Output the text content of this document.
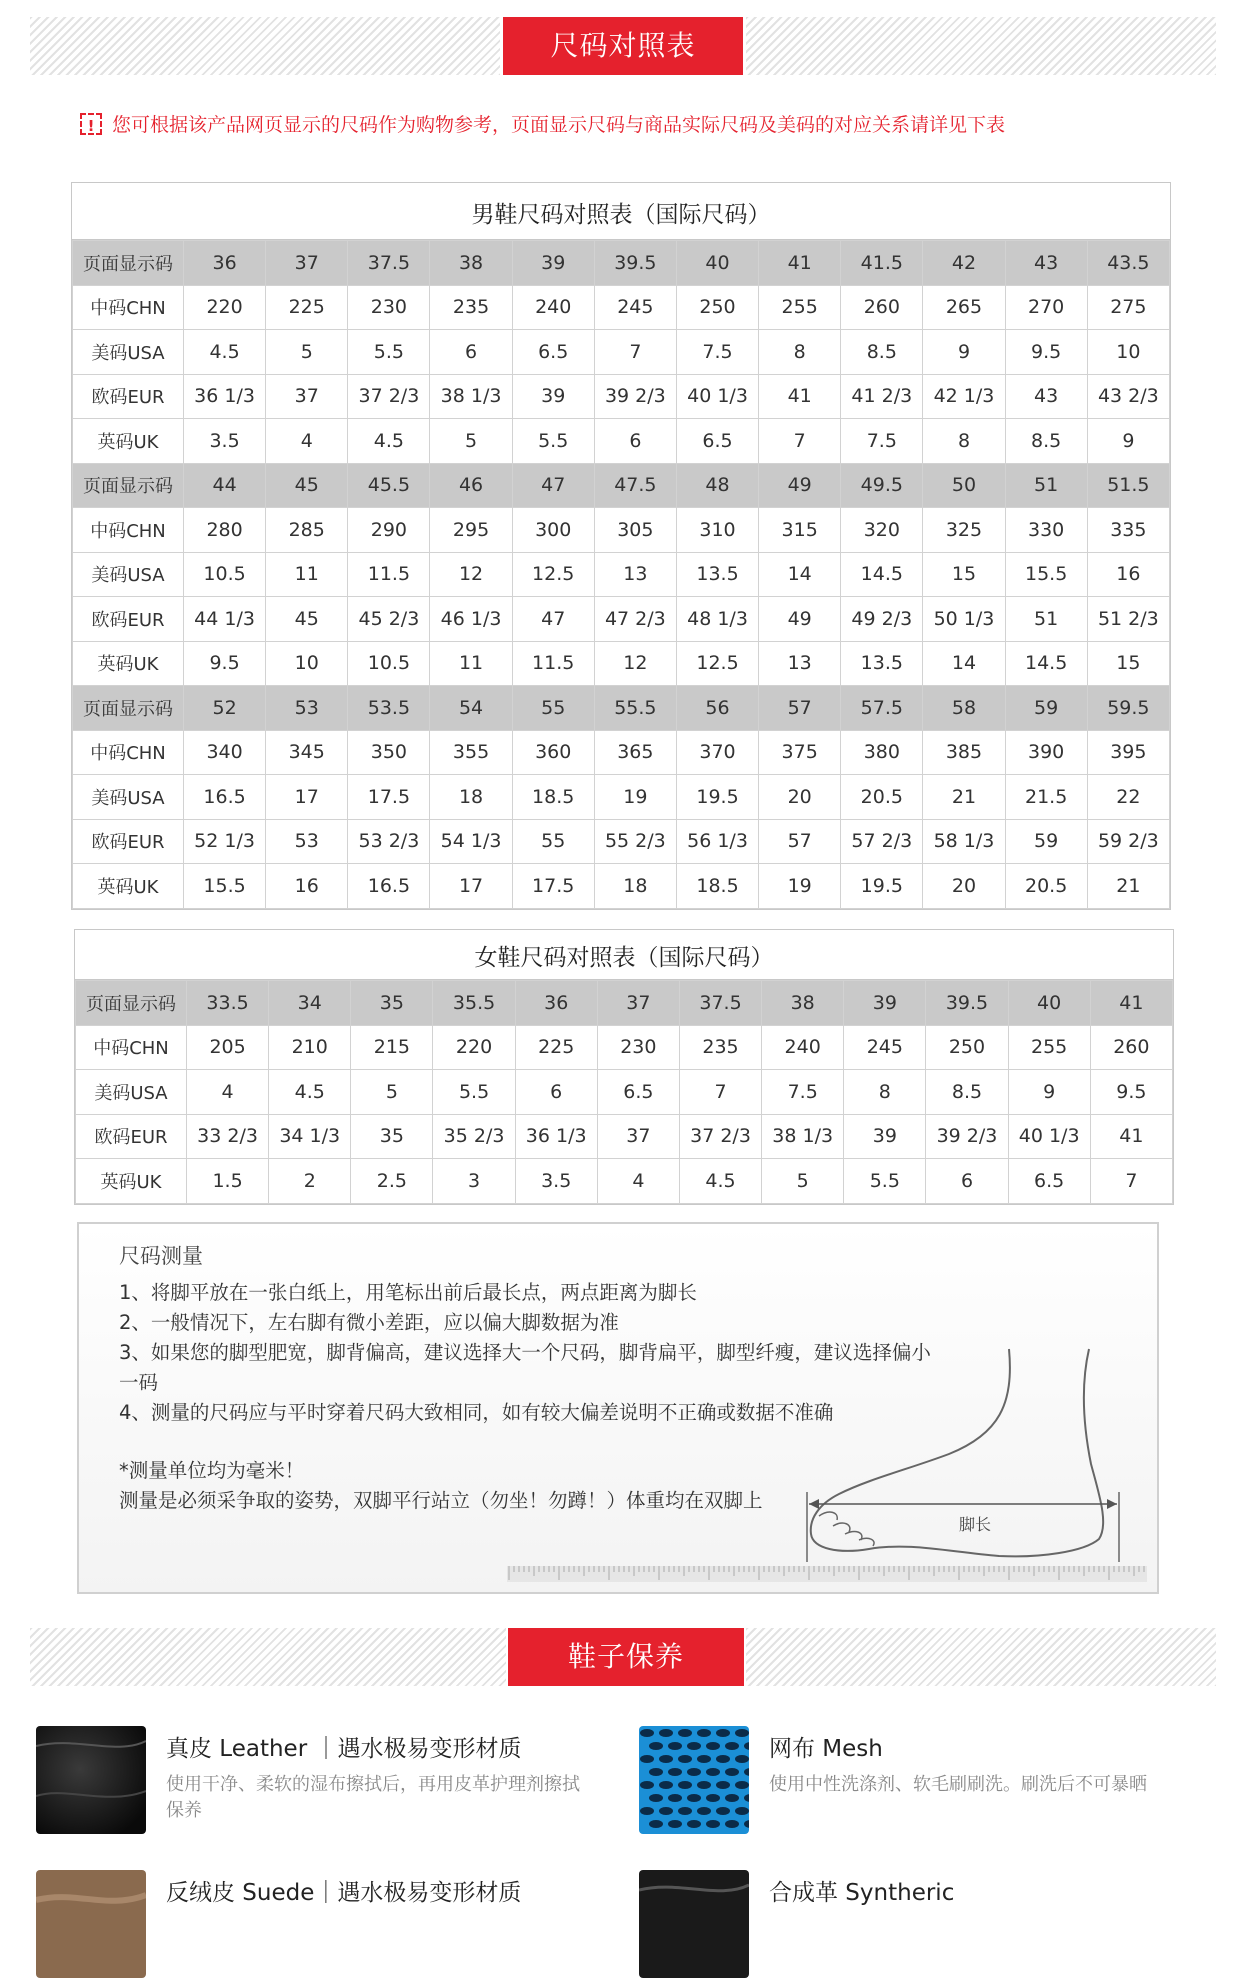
尺码对照表
! 您可根据该产品网页显示的尺码作为购物参考，页面显示尺码与商品实际尺码及美码的对应关系请详见下表
男鞋尺码对照表（国际尺码）
页面显示码	36	37	37.5	38	39	39.5	40	41	41.5	42	43	43.5
中码CHN	220	225	230	235	240	245	250	255	260	265	270	275
美码USA	4.5	5	5.5	6	6.5	7	7.5	8	8.5	9	9.5	10
欧码EUR	36 1/3	37	37 2/3	38 1/3	39	39 2/3	40 1/3	41	41 2/3	42 1/3	43	43 2/3
英码UK	3.5	4	4.5	5	5.5	6	6.5	7	7.5	8	8.5	9
页面显示码	44	45	45.5	46	47	47.5	48	49	49.5	50	51	51.5
中码CHN	280	285	290	295	300	305	310	315	320	325	330	335
美码USA	10.5	11	11.5	12	12.5	13	13.5	14	14.5	15	15.5	16
欧码EUR	44 1/3	45	45 2/3	46 1/3	47	47 2/3	48 1/3	49	49 2/3	50 1/3	51	51 2/3
英码UK	9.5	10	10.5	11	11.5	12	12.5	13	13.5	14	14.5	15
页面显示码	52	53	53.5	54	55	55.5	56	57	57.5	58	59	59.5
中码CHN	340	345	350	355	360	365	370	375	380	385	390	395
美码USA	16.5	17	17.5	18	18.5	19	19.5	20	20.5	21	21.5	22
欧码EUR	52 1/3	53	53 2/3	54 1/3	55	55 2/3	56 1/3	57	57 2/3	58 1/3	59	59 2/3
英码UK	15.5	16	16.5	17	17.5	18	18.5	19	19.5	20	20.5	21
女鞋尺码对照表（国际尺码）
页面显示码	33.5	34	35	35.5	36	37	37.5	38	39	39.5	40	41
中码CHN	205	210	215	220	225	230	235	240	245	250	255	260
美码USA	4	4.5	5	5.5	6	6.5	7	7.5	8	8.5	9	9.5
欧码EUR	33 2/3	34 1/3	35	35 2/3	36 1/3	37	37 2/3	38 1/3	39	39 2/3	40 1/3	41
英码UK	1.5	2	2.5	3	3.5	4	4.5	5	5.5	6	6.5	7
尺码测量
1、将脚平放在一张白纸上，用笔标出前后最长点，两点距离为脚长
2、一般情况下，左右脚有微小差距，应以偏大脚数据为准
3、如果您的脚型肥宽，脚背偏高，建议选择大一个尺码，脚背扁平，脚型纤瘦，建议选择偏小一码
4、测量的尺码应与平时穿着尺码大致相同，如有较大偏差说明不正确或数据不准确
*测量单位均为毫米！
测量是必须采争取的姿势，双脚平行站立（勿坐！勿蹲！）体重均在双脚上
脚长
鞋子保养
真皮 Leather ｜遇水极易变形材质
使用干净、柔软的湿布擦拭后，再用皮革护理剂擦拭保养
网布 Mesh
使用中性洗涤剂、软毛刷刷洗。刷洗后不可暴晒
反绒皮 Suede｜遇水极易变形材质	合成革 Syntheric
